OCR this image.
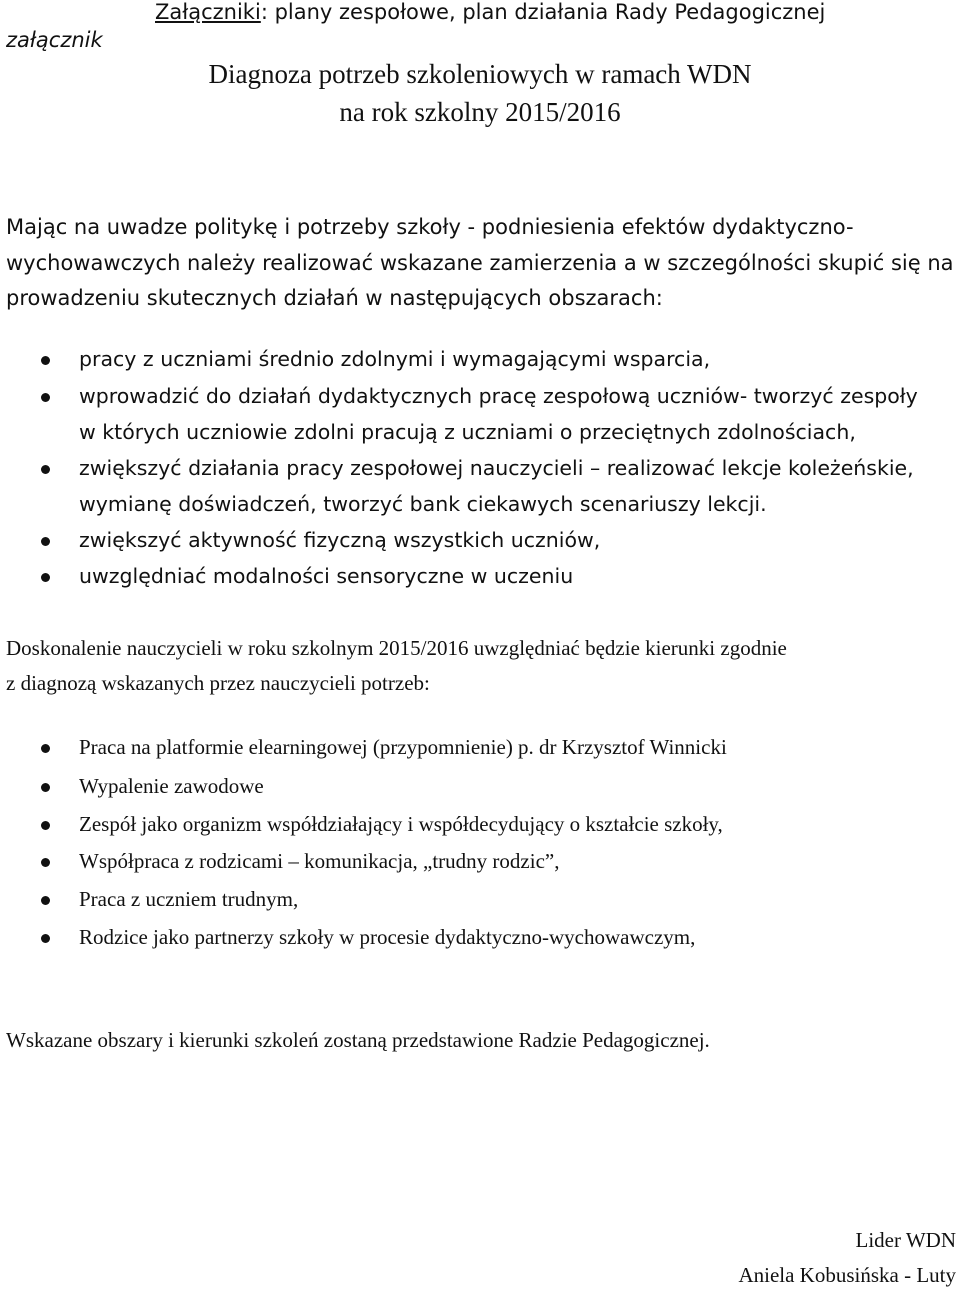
Załączniki: plany zespołowe, plan działania Rady Pedagogicznej
załącznik
Diagnoza potrzeb szkoleniowych w ramach WDN
na rok szkolny 2015/2016
Mając na uwadze politykę i potrzeby szkoły - podniesienia efektów dydaktyczno-
wychowawczych należy realizować wskazane zamierzenia a w szczególności skupić się na
prowadzeniu skutecznych działań w następujących obszarach:
pracy z uczniami średnio zdolnymi i wymagającymi wsparcia,
wprowadzić do działań dydaktycznych pracę zespołową uczniów- tworzyć zespoły
w których uczniowie zdolni pracują z uczniami o przeciętnych zdolnościach,
zwiększyć działania pracy zespołowej nauczycieli – realizować lekcje koleżeńskie,
wymianę doświadczeń, tworzyć bank ciekawych scenariuszy lekcji.
zwiększyć aktywność fizyczną wszystkich uczniów,
uwzględniać modalności sensoryczne w uczeniu
Doskonalenie nauczycieli w roku szkolnym 2015/2016 uwzględniać będzie kierunki zgodnie
z diagnozą wskazanych przez nauczycieli potrzeb:
Praca na platformie elearningowej (przypomnienie) p. dr Krzysztof Winnicki
Wypalenie zawodowe
Zespół jako organizm współdziałający i współdecydujący o kształcie szkoły,
Współpraca z rodzicami – komunikacja, „trudny rodzic”,
Praca z uczniem trudnym,
Rodzice jako partnerzy szkoły w procesie dydaktyczno-wychowawczym,
Wskazane obszary i kierunki szkoleń zostaną przedstawione Radzie Pedagogicznej.
Lider WDN
Aniela Kobusińska - Luty
